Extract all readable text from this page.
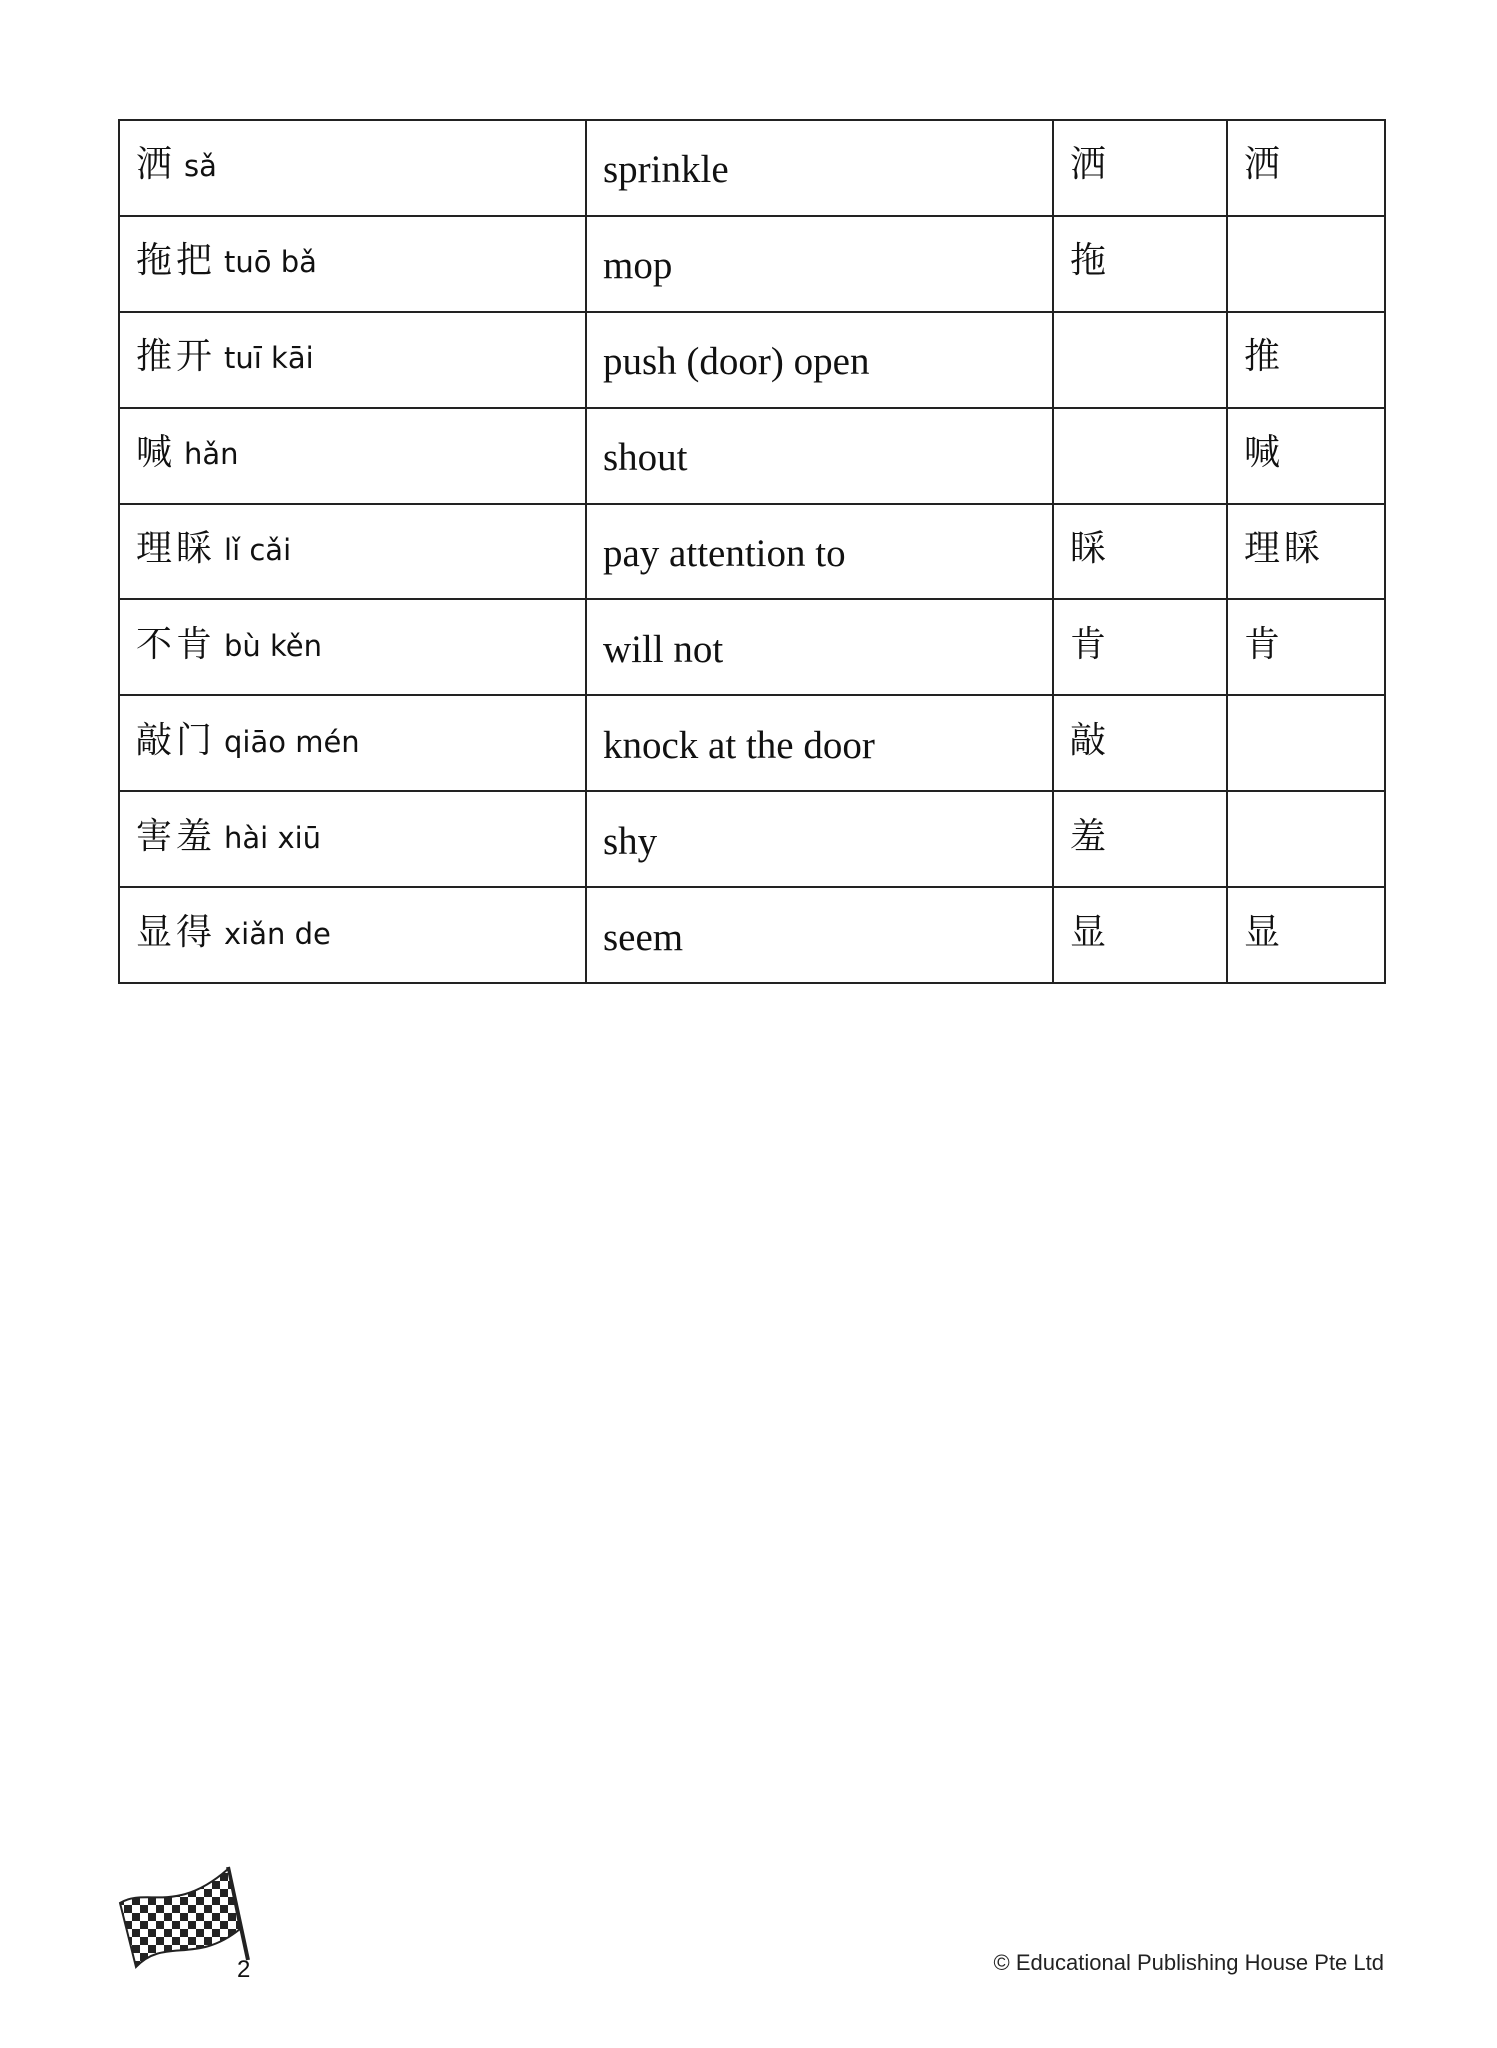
洒 sǎ	sprinkle	洒	洒

拖把 tuō bǎ	mop	拖	

推开 tuī kāi	push (door) open		推

喊 hǎn	shout		喊

理睬 lǐ cǎi	pay attention to	睬	理睬

不肯 bù kěn	will not	肯	肯

敲门 qiāo mén	knock at the door	敲	

害羞 hài xiū	shy	羞	

显得 xiǎn de	seem	显	显
2	© Educational Publishing House Pte Ltd
